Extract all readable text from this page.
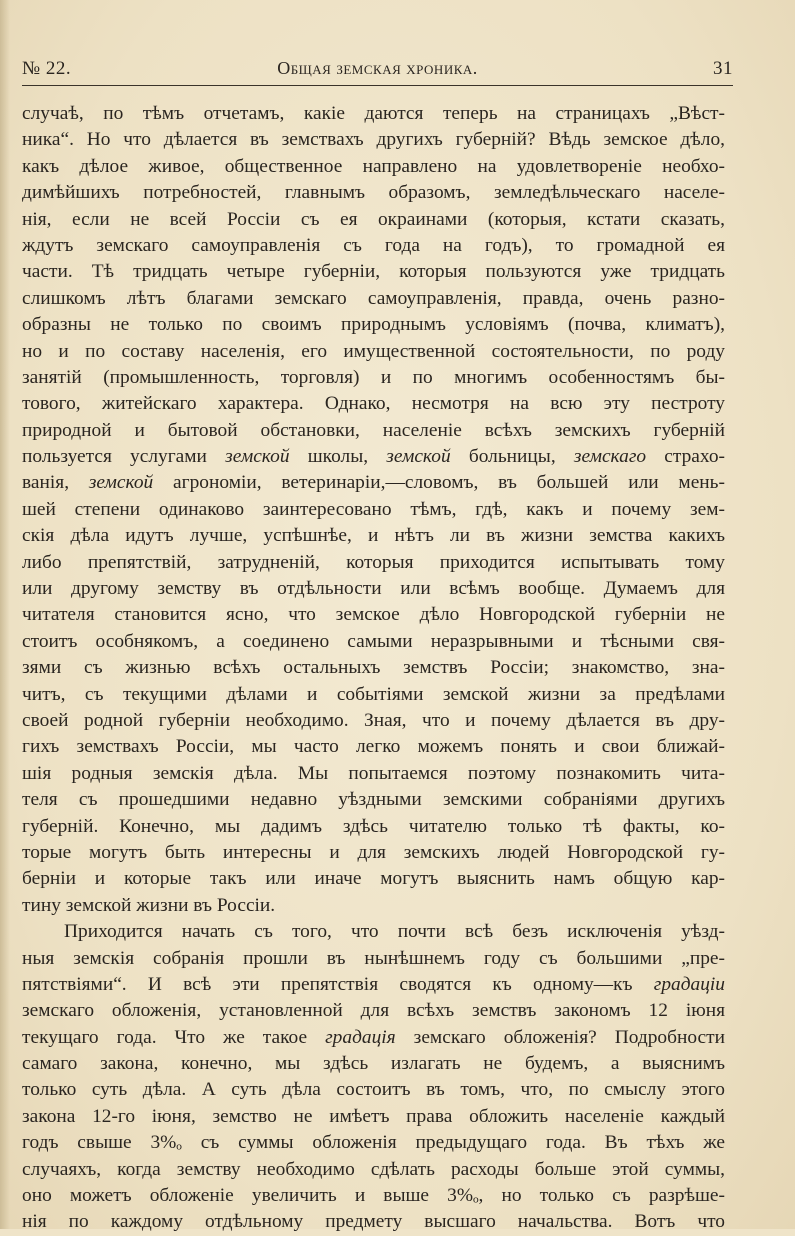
№ 22.	Общая земская хроника.	31
случаѣ, по тѣмъ отчетамъ, какіе даются теперь на страницахъ „Вѣст-
ника“. Но что дѣлается въ земствахъ другихъ губерній? Вѣдь земское дѣло,
какъ дѣлое живое, общественное направлено на удовлетвореніе необхо-
димѣйшихъ потребностей, главнымъ образомъ, земледѣльческаго населе-
нія, если не всей Россіи съ ея окраинами (которыя, кстати сказать,
ждутъ земскаго самоуправленія съ года на годъ), то громадной ея
части. Тѣ тридцать четыре губерніи, которыя пользуются уже тридцать
слишкомъ лѣтъ благами земскаго самоуправленія, правда, очень разно-
образны не только по своимъ природнымъ условіямъ (почва, климатъ),
но и по составу населенія, его имущественной состоятельности, по роду
занятій (промышленность, торговля) и по многимъ особенностямъ бы-
тового, житейскаго характера. Однако, несмотря на всю эту пестроту
природной и бытовой обстановки, населеніе всѣхъ земскихъ губерній
пользуется услугами земской школы, земской больницы, земскаго страхо-
ванія, земской агрономіи, ветеринаріи,—словомъ, въ большей или мень-
шей степени одинаково заинтересовано тѣмъ, гдѣ, какъ и почему зем-
скія дѣла идутъ лучше, успѣшнѣе, и нѣтъ ли въ жизни земства какихъ
либо препятствій, затрудненій, которыя приходится испытывать тому
или другому земству въ отдѣльности или всѣмъ вообще. Думаемъ для
читателя становится ясно, что земское дѣло Новгородской губерніи не
стоитъ особнякомъ, а соединено самыми неразрывными и тѣсными свя-
зями съ жизнью всѣхъ остальныхъ земствъ Россіи; знакомство, зна-
читъ, съ текущими дѣлами и событіями земской жизни за предѣлами
своей родной губерніи необходимо. Зная, что и почему дѣлается въ дру-
гихъ земствахъ Россіи, мы часто легко можемъ понять и свои ближай-
шія родныя земскія дѣла. Мы попытаемся поэтому познакомить чита-
теля съ прошедшими недавно уѣздными земскими собраніями другихъ
губерній. Конечно, мы дадимъ здѣсь читателю только тѣ факты, ко-
торые могутъ быть интересны и для земскихъ людей Новгородской гу-
берніи и которые такъ или иначе могутъ выяснить намъ общую кар-
тину земской жизни въ Россіи.
Приходится начать съ того, что почти всѣ безъ исключенія уѣзд-
ныя земскія собранія прошли въ нынѣшнемъ году съ большими „пре-
пятствіями“. И всѣ эти препятствія сводятся къ одному—къ градаціи
земскаго обложенія, установленной для всѣхъ земствъ закономъ 12 іюня
текущаго года. Что же такое градація земскаго обложенія? Подробности
самаго закона, конечно, мы здѣсь излагать не будемъ, а выяснимъ
только суть дѣла. А суть дѣла состоитъ въ томъ, что, по смыслу этого
закона 12-го іюня, земство не имѣетъ права обложить населеніе каждый
годъ свыше 3%ₒ съ суммы обложенія предыдущаго года. Въ тѣхъ же
случаяхъ, когда земству необходимо сдѣлать расходы больше этой суммы,
оно можетъ обложеніе увеличить и выше 3%ₒ, но только съ разрѣше-
нія по каждому отдѣльному предмету высшаго начальства. Вотъ что
